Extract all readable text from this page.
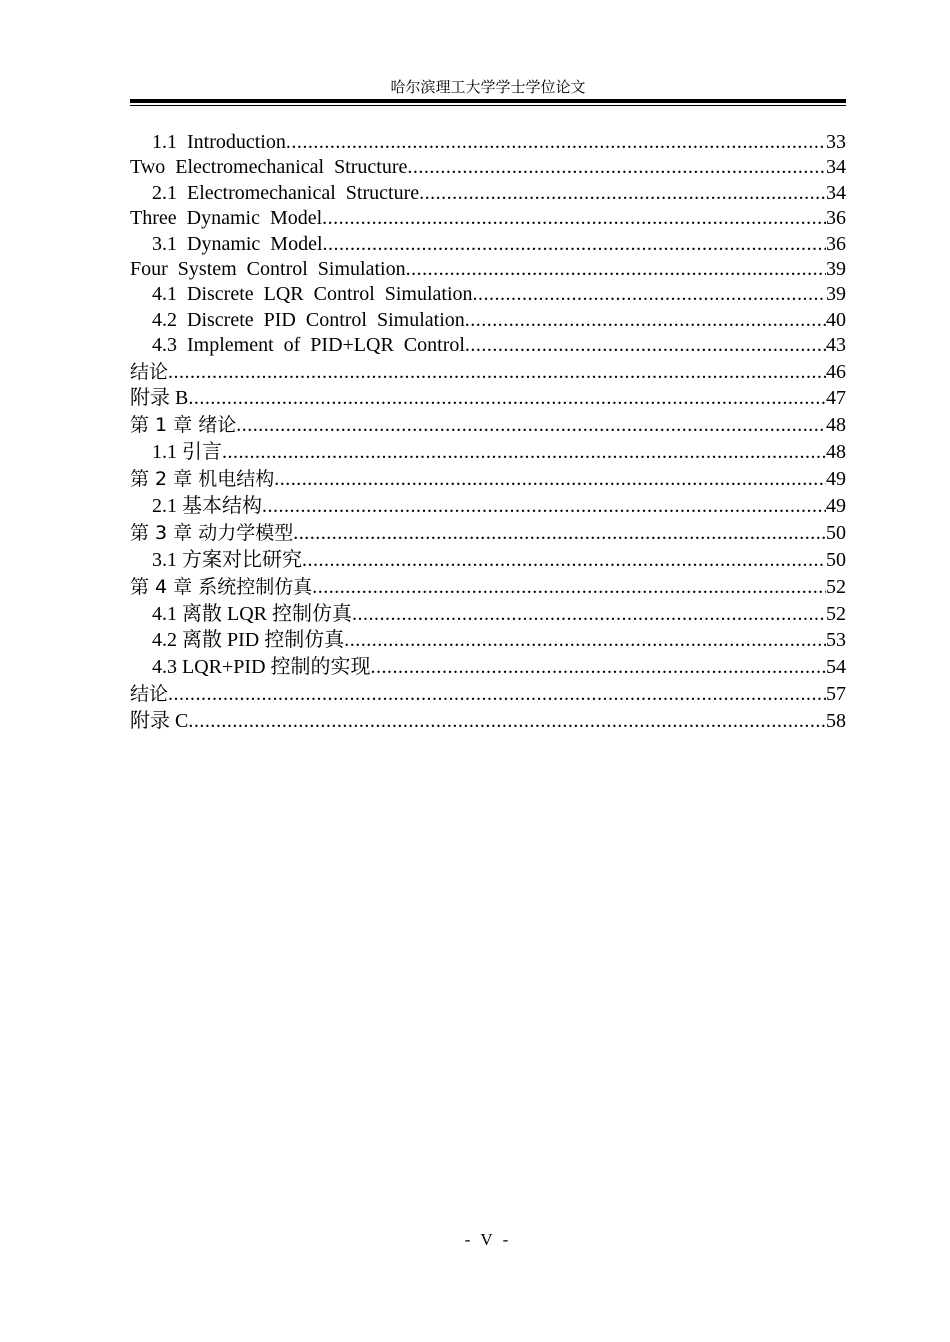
哈尔滨理工大学学士学位论文
1.1 Introduction .....	33
Two Electromechanical Structure .....	34
2.1 Electromechanical Structure .....	34
Three Dynamic Model .....	36
3.1 Dynamic Model .....	36
Four System Control Simulation .....	39
4.1 Discrete LQR Control Simulation .....	39
4.2 Discrete PID Control Simulation .....	40
4.3 Implement of PID+LQR Control .....	43
结论 .....	46
附录 B .....	47
第 1 章 绪论 .....	48
1.1 引言 .....	48
第 2 章 机电结构 .....	49
2.1 基本结构 .....	49
第 3 章 动力学模型 .....	50
3.1 方案对比研究 .....	50
第 4 章 系统控制仿真 .....	52
4.1 离散 LQR 控制仿真 .....	52
4.2 离散 PID 控制仿真 .....	53
4.3 LQR+PID 控制的实现 .....	54
结论 .....	57
附录 C .....	58
- V -
